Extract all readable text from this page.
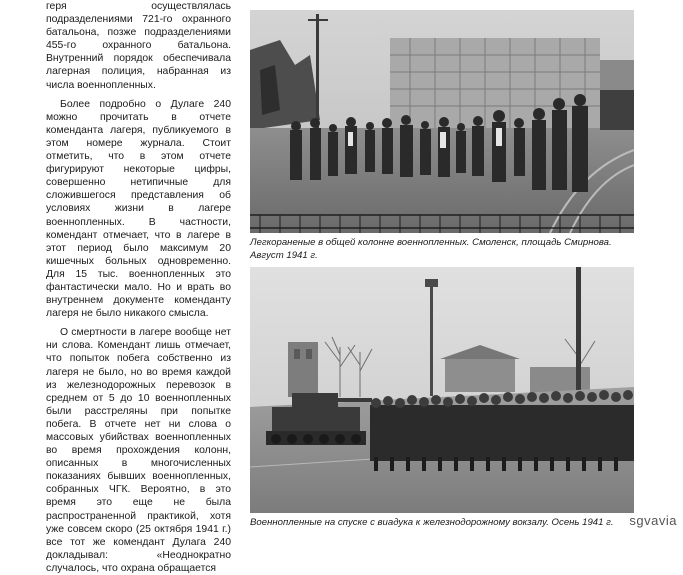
геря осуществлялась подразделениями 721-го охранного батальона, позже подразделениями 455-го охранного батальона. Внутренний порядок обеспечивала лагерная полиция, набранная из числа военнопленных.

Более подробно о Дулаге 240 можно прочитать в отчете коменданта лагеря, публикуемого в этом номере журнала. Стоит отметить, что в этом отчете фигурируют некоторые цифры, совершенно нетипичные для сложившегося представления об условиях жизни в лагере военнопленных. В частности, комендант отмечает, что в лагере в этот период было максимум 20 кишечных больных одновременно. Для 15 тыс. военнопленных это фантастически мало. Но и врать во внутреннем документе коменданту лагеря не было никакого смысла.

О смертности в лагере вообще нет ни слова. Комендант лишь отмечает, что попыток побега собственно из лагеря не было, но во время каждой из железнодорожных перевозок в среднем от 5 до 10 военнопленных были расстреляны при попытке побега. В отчете нет ни слова о массовых убийствах военнопленных во время прохождения колонн, описанных в многочисленных показаниях бывших военнопленных, собранных ЧГК. Вероятно, в это время это еще не была распространенной практикой, хотя уже совсем скоро (25 октября 1941 г.) все тот же комендант Дулага 240 докладывал: «Неоднократно случалось, что охрана обращается

Легкораненые в общей колонне военнопленных. Смоленск, площадь Смирнова. Август 1941 г.
Военнопленные на спуске с виадука к железнодорожному вокзалу. Осень 1941 г.	sgvavia
